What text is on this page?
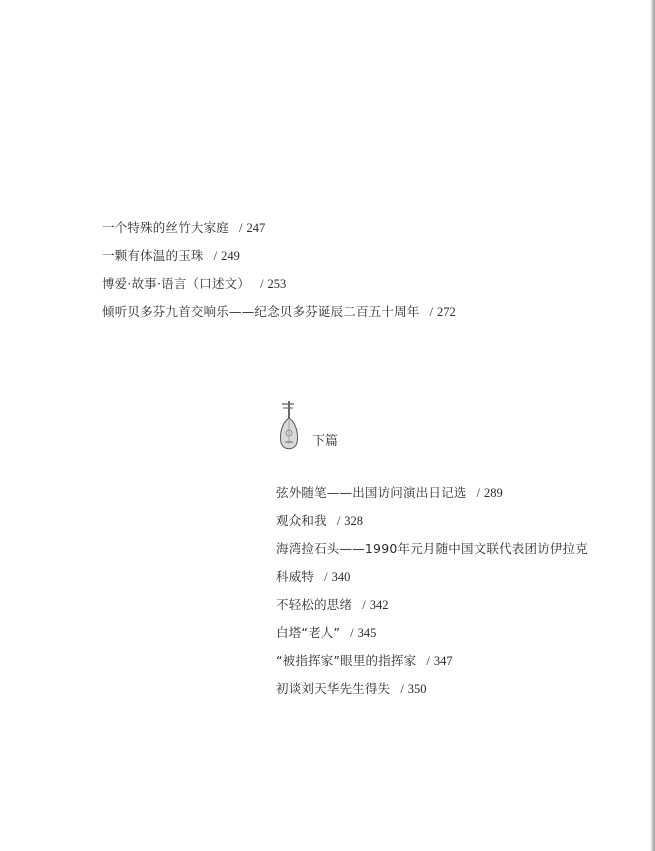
一个特殊的丝竹大家庭 / 247
一颗有体温的玉珠 / 249
博爱·故事·语言（口述文） / 253
倾听贝多芬九首交响乐——纪念贝多芬诞辰二百五十周年 / 272
下篇
弦外随笔——出国访问演出日记选 / 289
观众和我 / 328
海湾捡石头——1990年元月随中国文联代表团访伊拉克
科威特 / 340
不轻松的思绪 / 342
白塔“老人” / 345
“被指挥家”眼里的指挥家 / 347
初谈刘天华先生得失 / 350
